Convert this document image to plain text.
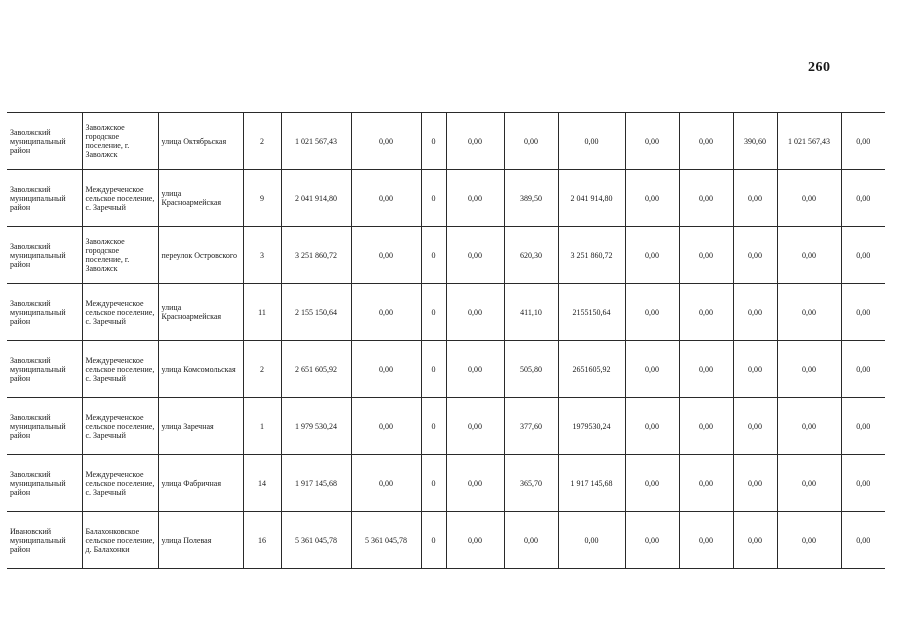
260
Заволжский муниципальный район	Заволжское городское поселение, г. Заволжск	улица Октябрьская	2	1 021 567,43	0,00	0	0,00	0,00	0,00	0,00	0,00	390,60	1 021 567,43	0,00
Заволжский муниципальный район	Междуреченское сельское поселение, с. Заречный	улица Красноармейская	9	2 041 914,80	0,00	0	0,00	389,50	2 041 914,80	0,00	0,00	0,00	0,00	0,00
Заволжский муниципальный район	Заволжское городское поселение, г. Заволжск	переулок Островского	3	3 251 860,72	0,00	0	0,00	620,30	3 251 860,72	0,00	0,00	0,00	0,00	0,00
Заволжский муниципальный район	Междуреченское сельское поселение, с. Заречный	улица Красноармейская	11	2 155 150,64	0,00	0	0,00	411,10	2155150,64	0,00	0,00	0,00	0,00	0,00
Заволжский муниципальный район	Междуреченское сельское поселение, с. Заречный	улица Комсомольская	2	2 651 605,92	0,00	0	0,00	505,80	2651605,92	0,00	0,00	0,00	0,00	0,00
Заволжский муниципальный район	Междуреченское сельское поселение, с. Заречный	улица Заречная	1	1 979 530,24	0,00	0	0,00	377,60	1979530,24	0,00	0,00	0,00	0,00	0,00
Заволжский муниципальный район	Междуреченское сельское поселение, с. Заречный	улица Фабричная	14	1 917 145,68	0,00	0	0,00	365,70	1 917 145,68	0,00	0,00	0,00	0,00	0,00
Ивановский муниципальный район	Балахонковское сельское поселение, д. Балахонки	улица Полевая	16	5 361 045,78	5 361 045,78	0	0,00	0,00	0,00	0,00	0,00	0,00	0,00	0,00
